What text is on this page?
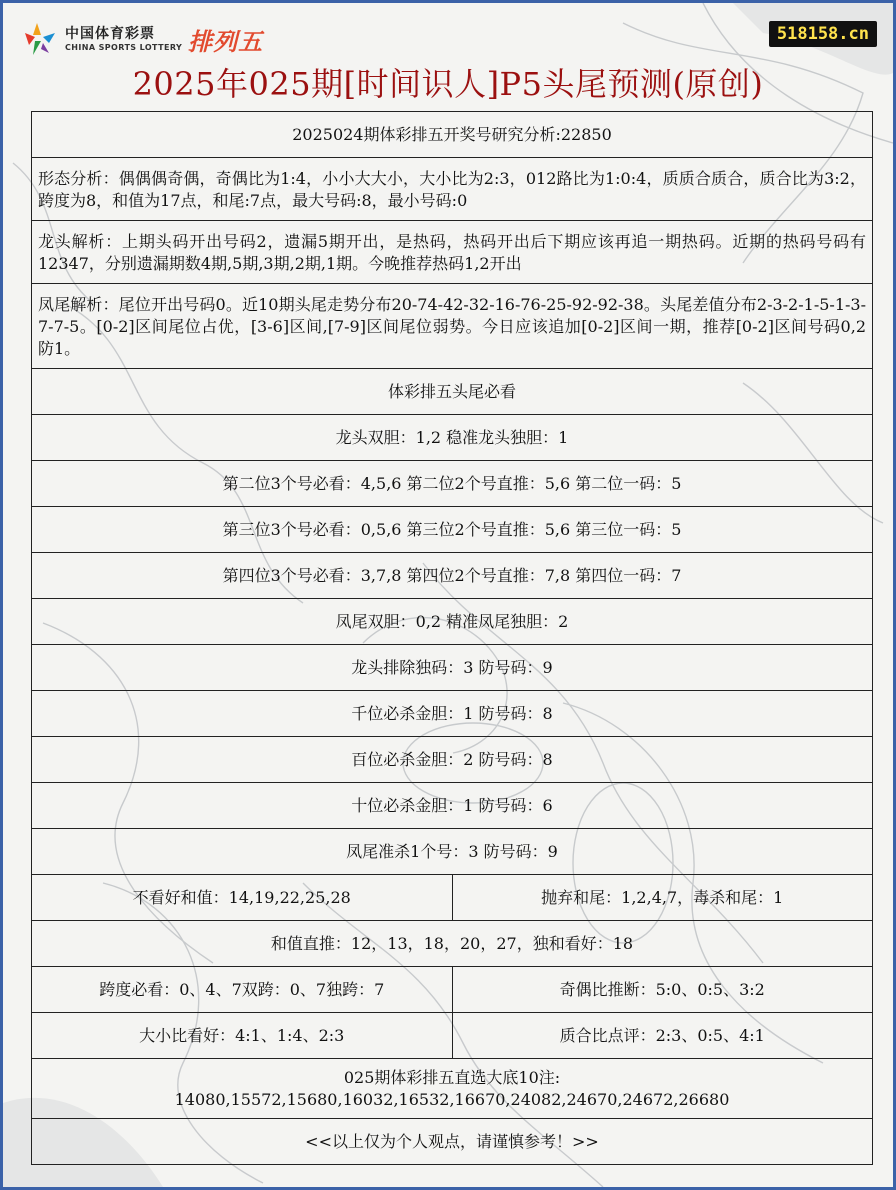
中国体育彩票
CHINA SPORTS LOTTERY 排列五	518158.cn
2025年025期[时间识人]P5头尾预测(原创)
2025024期体彩排五开奖号研究分析:22850
形态分析：偶偶偶奇偶，奇偶比为1:4，小小大大小，大小比为2:3，012路比为1:0:4，质质合质合，质合比为3:2，跨度为8，和值为17点，和尾:7点，最大号码:8，最小号码:0
龙头解析：上期头码开出号码2，遗漏5期开出，是热码，热码开出后下期应该再追一期热码。近期的热码号码有12347，分别遗漏期数4期,5期,3期,2期,1期。今晚推荐热码1,2开出
凤尾解析：尾位开出号码0。近10期头尾走势分布20-74-42-32-16-76-25-92-92-38。头尾差值分布2-3-2-1-5-1-3-7-7-5。[0-2]区间尾位占优，[3-6]区间,[7-9]区间尾位弱势。今日应该追加[0-2]区间一期，推荐[0-2]区间号码0,2 防1。
体彩排五头尾必看
龙头双胆：1,2 稳准龙头独胆：1
第二位3个号必看：4,5,6 第二位2个号直推：5,6 第二位一码：5
第三位3个号必看：0,5,6 第三位2个号直推：5,6 第三位一码：5
第四位3个号必看：3,7,8 第四位2个号直推：7,8 第四位一码：7
凤尾双胆：0,2 精准凤尾独胆：2
龙头排除独码：3 防号码：9
千位必杀金胆：1 防号码：8
百位必杀金胆：2 防号码：8
十位必杀金胆：1 防号码：6
凤尾准杀1个号：3 防号码：9
不看好和值：14,19,22,25,28	抛弃和尾：1,2,4,7，毒杀和尾：1
和值直推：12，13，18，20，27，独和看好：18
跨度必看：0、4、7双跨：0、7独跨：7	奇偶比推断：5:0、0:5、3:2
大小比看好：4:1、1:4、2:3	质合比点评：2:3、0:5、4:1
025期体彩排五直选大底10注:
14080,15572,15680,16032,16532,16670,24082,24670,24672,26680
<<以上仅为个人观点，请谨慎参考！>>
